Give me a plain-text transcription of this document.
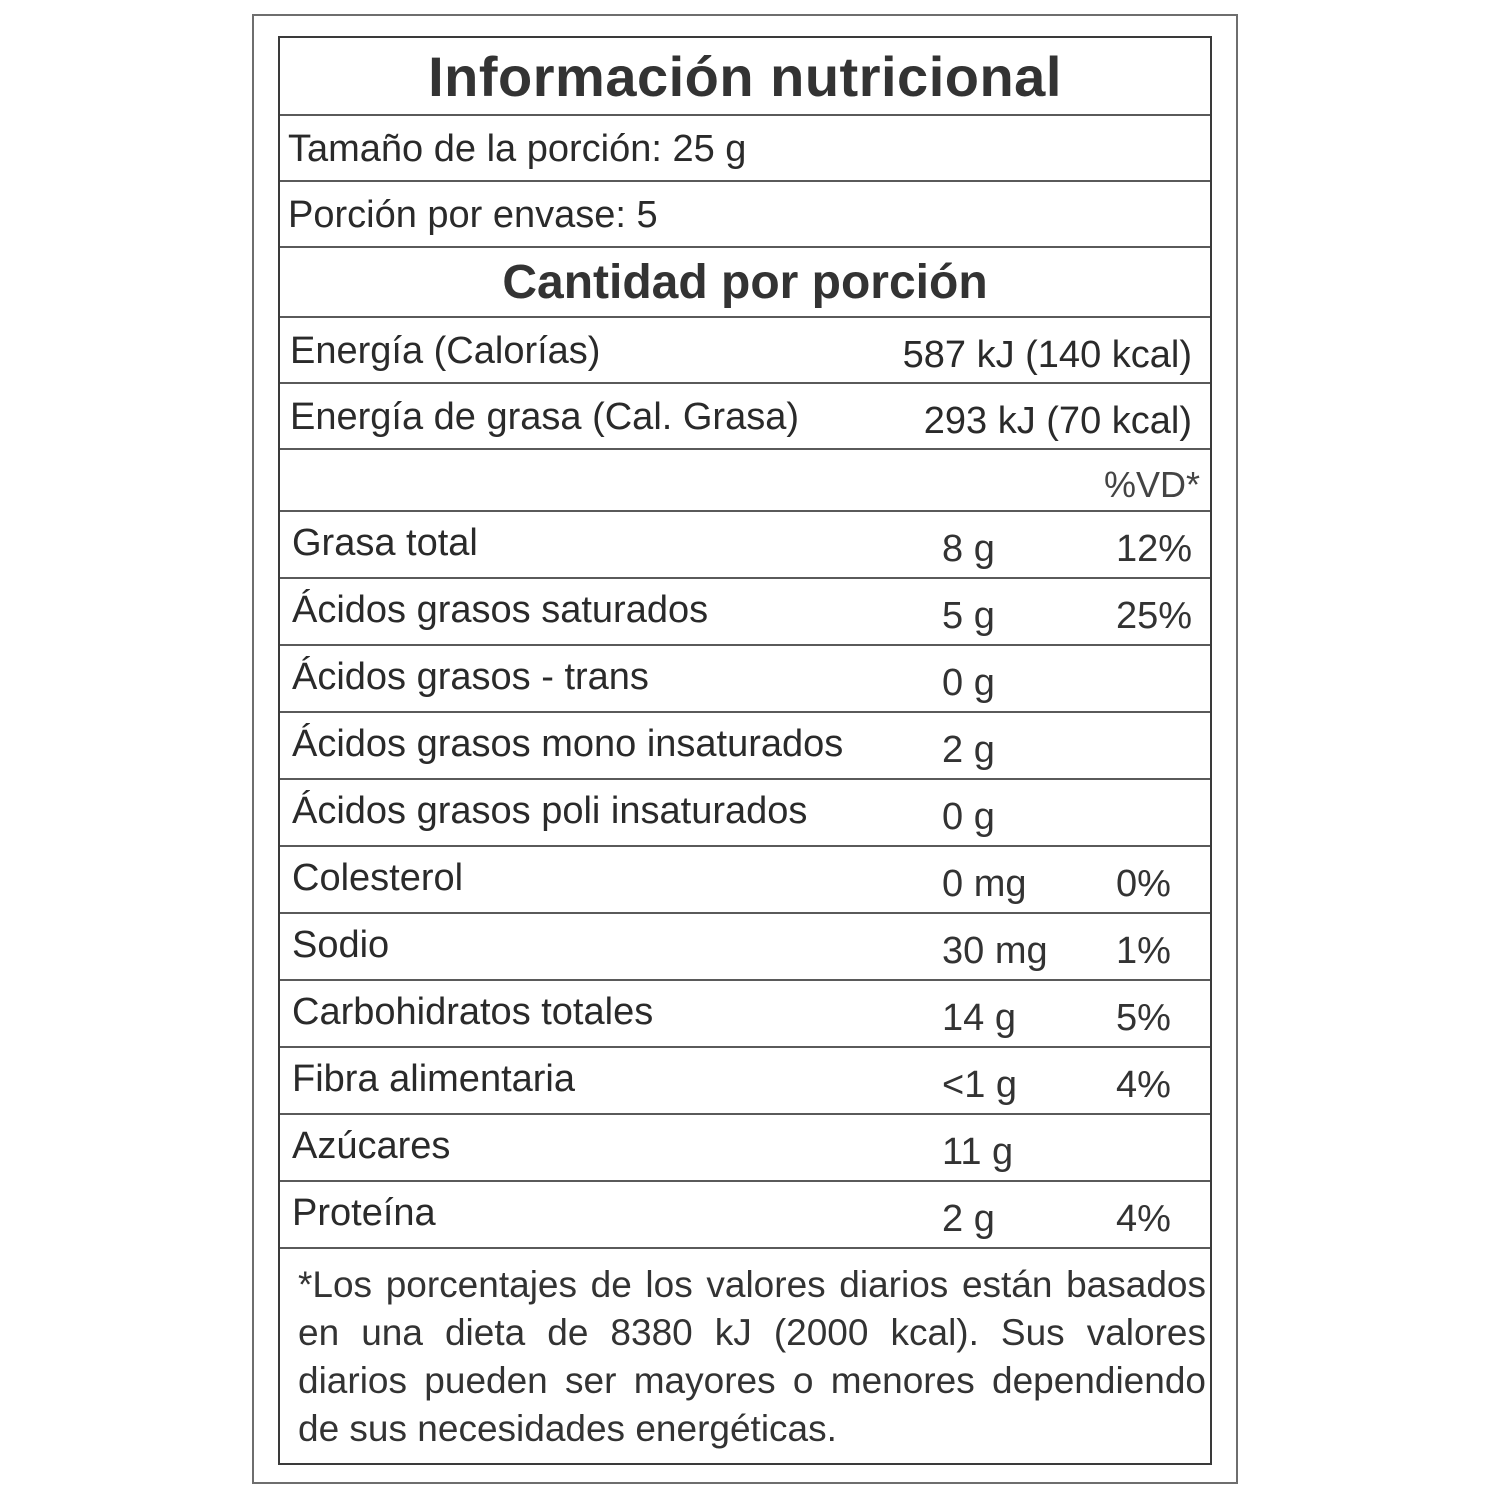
Información nutricional
Tamaño de la porción: 25 g
Porción por envase: 5
Cantidad por porción
Energía (Calorías)	587 kJ (140 kcal)
Energía de grasa (Cal. Grasa)	293 kJ (70 kcal)
%VD*
Grasa total	8 g	12%
Ácidos grasos saturados	5 g	25%
Ácidos grasos - trans	0 g
Ácidos grasos mono insaturados	2 g
Ácidos grasos poli insaturados	0 g
Colesterol	0 mg 0%
Sodio	30 mg 1%
Carbohidratos totales	14 g	5%
Fibra alimentaria	<1 g	4%
Azúcares	11 g
Proteína	2 g	4%
*Los porcentajes de los valores diarios están basados en una dieta de 8380 kJ (2000 kcal). Sus valores diarios pueden ser mayores o menores dependiendo de sus necesidades energéticas.
